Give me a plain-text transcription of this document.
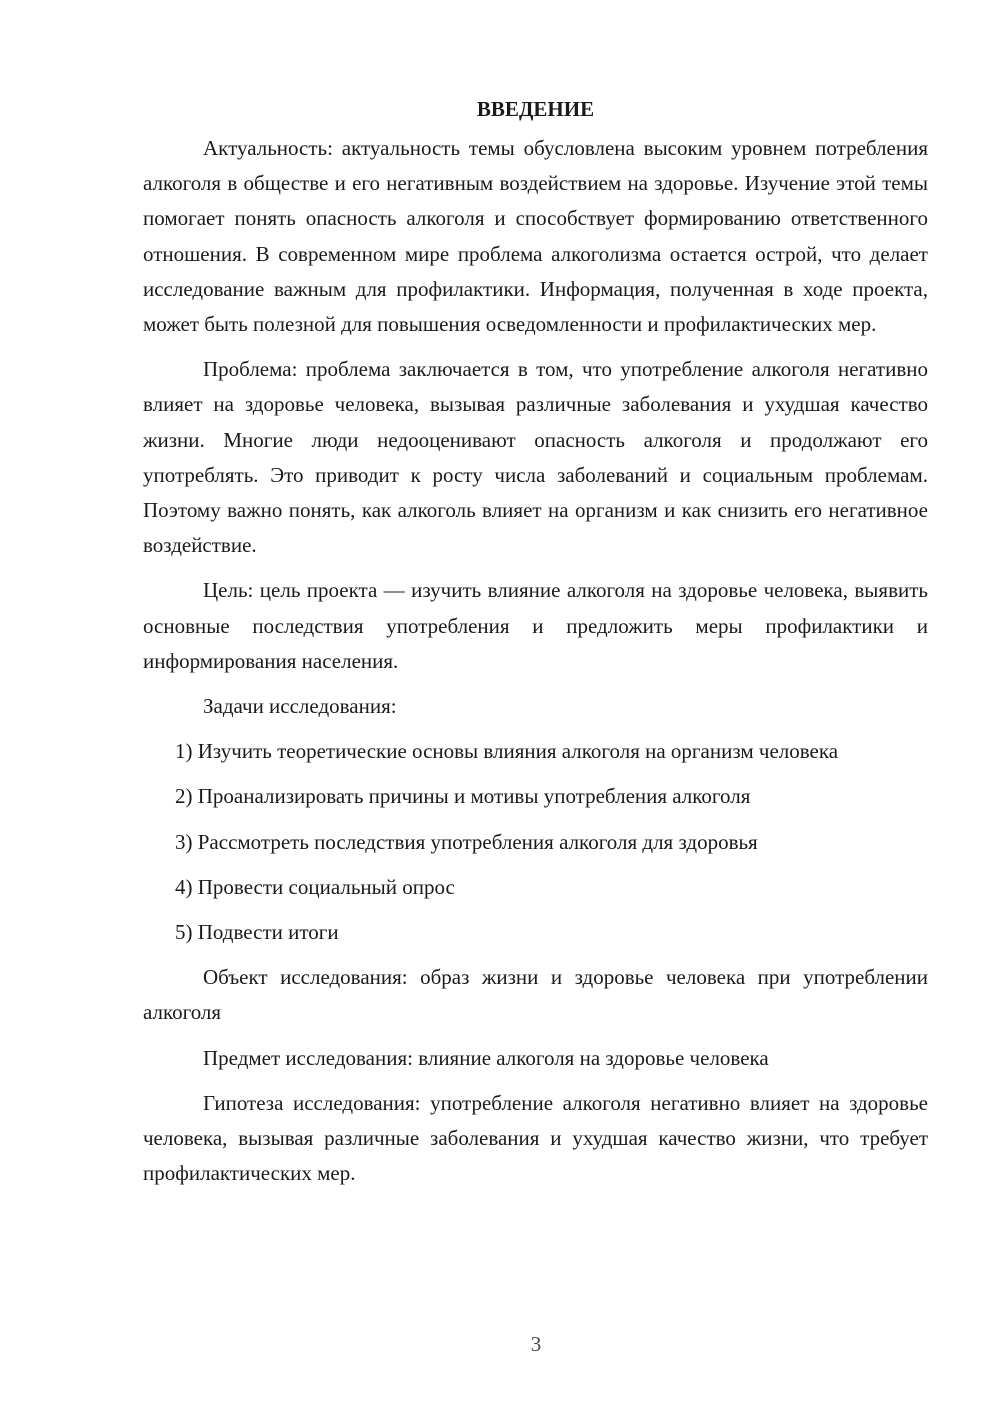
ВВЕДЕНИЕ

Актуальность: актуальность темы обусловлена высоким уровнем потребления алкоголя в обществе и его негативным воздействием на здоровье. Изучение этой темы помогает понять опасность алкоголя и способствует формированию ответственного отношения. В современном мире проблема алкоголизма остается острой, что делает исследование важным для профилактики. Информация, полученная в ходе проекта, может быть полезной для повышения осведомленности и профилактических мер.

Проблема: проблема заключается в том, что употребление алкоголя негативно влияет на здоровье человека, вызывая различные заболевания и ухудшая качество жизни. Многие люди недооценивают опасность алкоголя и продолжают его употреблять. Это приводит к росту числа заболеваний и социальным проблемам. Поэтому важно понять, как алкоголь влияет на организм и как снизить его негативное воздействие.

Цель: цель проекта — изучить влияние алкоголя на здоровье человека, выявить основные последствия употребления и предложить меры профилактики и информирования населения.

Задачи исследования:

1) Изучить теоретические основы влияния алкоголя на организм человека

2) Проанализировать причины и мотивы употребления алкоголя

3) Рассмотреть последствия употребления алкоголя для здоровья

4) Провести социальный опрос

5) Подвести итоги

Объект исследования: образ жизни и здоровье человека при употреблении алкоголя

Предмет исследования: влияние алкоголя на здоровье человека

Гипотеза исследования: употребление алкоголя негативно влияет на здоровье человека, вызывая различные заболевания и ухудшая качество жизни, что требует профилактических мер.

3
